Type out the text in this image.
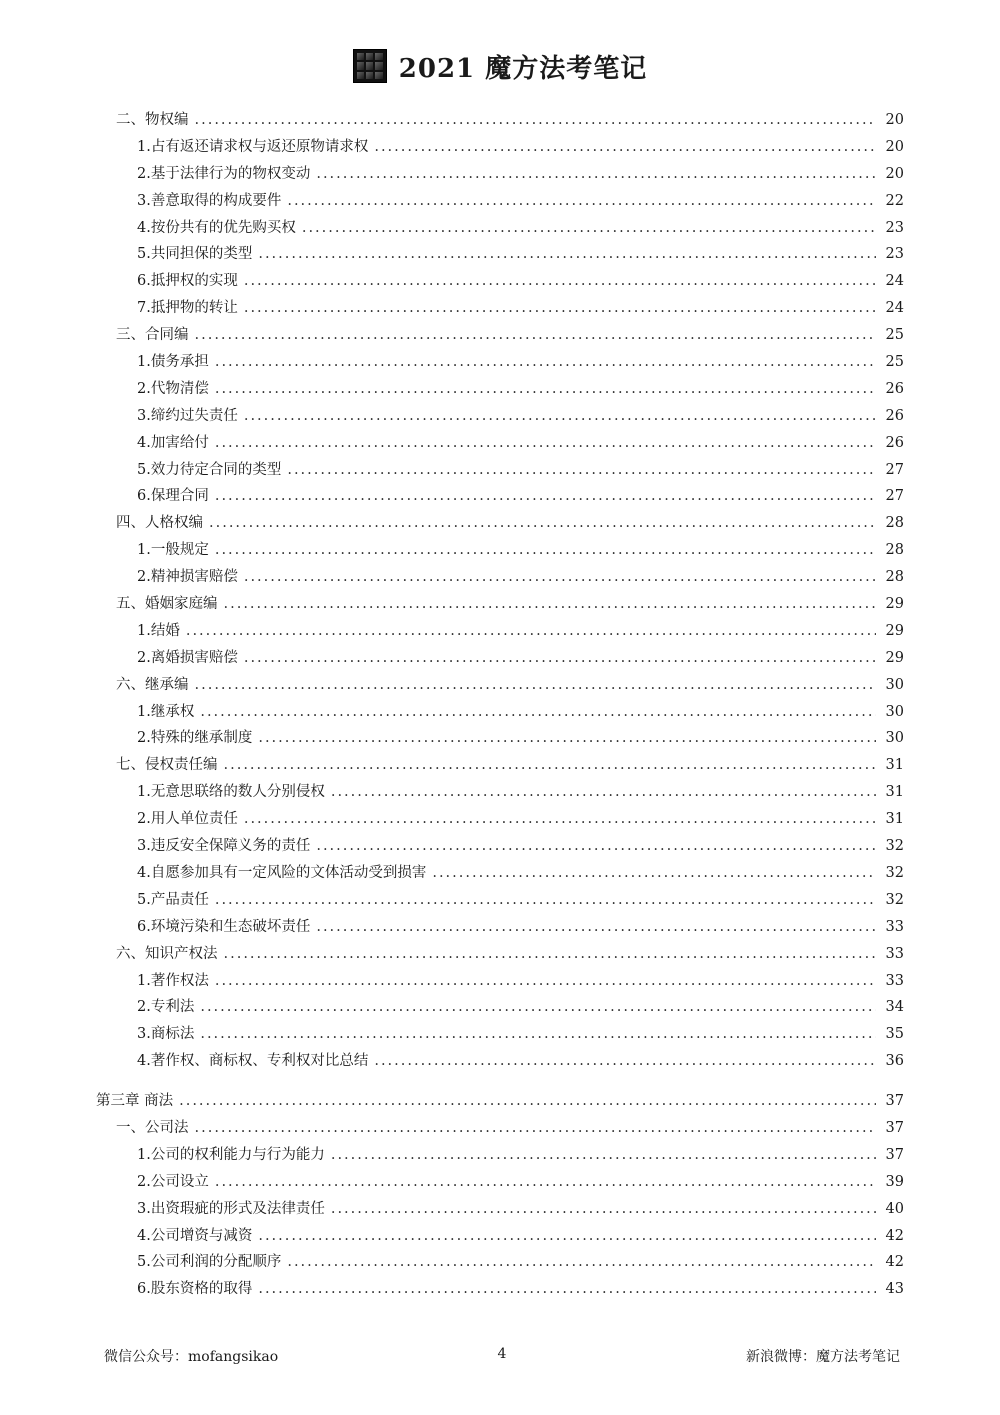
2021 魔方法考笔记
二、物权编 .....	20
1.占有返还请求权与返还原物请求权 .....	20
2.基于法律行为的物权变动 .....	20
3.善意取得的构成要件 .....	22
4.按份共有的优先购买权 .....	23
5.共同担保的类型 .....	23
6.抵押权的实现 .....	24
7.抵押物的转让 .....	24
三、合同编 .....	25
1.债务承担 .....	25
2.代物清偿 .....	26
3.缔约过失责任 .....	26
4.加害给付 .....	26
5.效力待定合同的类型 .....	27
6.保理合同 .....	27
四、人格权编 .....	28
1.一般规定 .....	28
2.精神损害赔偿 .....	28
五、婚姻家庭编 .....	29
1.结婚 .....	29
2.离婚损害赔偿 .....	29
六、继承编 .....	30
1.继承权 .....	30
2.特殊的继承制度 .....	30
七、侵权责任编 .....	31
1.无意思联络的数人分别侵权 .....	31
2.用人单位责任 .....	31
3.违反安全保障义务的责任 .....	32
4.自愿参加具有一定风险的文体活动受到损害 .....	32
5.产品责任 .....	32
6.环境污染和生态破坏责任 .....	33
六、知识产权法 .....	33
1.著作权法 .....	33
2.专利法 .....	34
3.商标法 .....	35
4.著作权、商标权、专利权对比总结 .....	36
第三章 商法 .....	37
一、公司法 .....	37
1.公司的权利能力与行为能力 .....	37
2.公司设立 .....	39
3.出资瑕疵的形式及法律责任 .....	40
4.公司增资与减资 .....	42
5.公司利润的分配顺序 .....	42
6.股东资格的取得 .....	43
微信公众号：mofangsikao	4	新浪微博：魔方法考笔记
